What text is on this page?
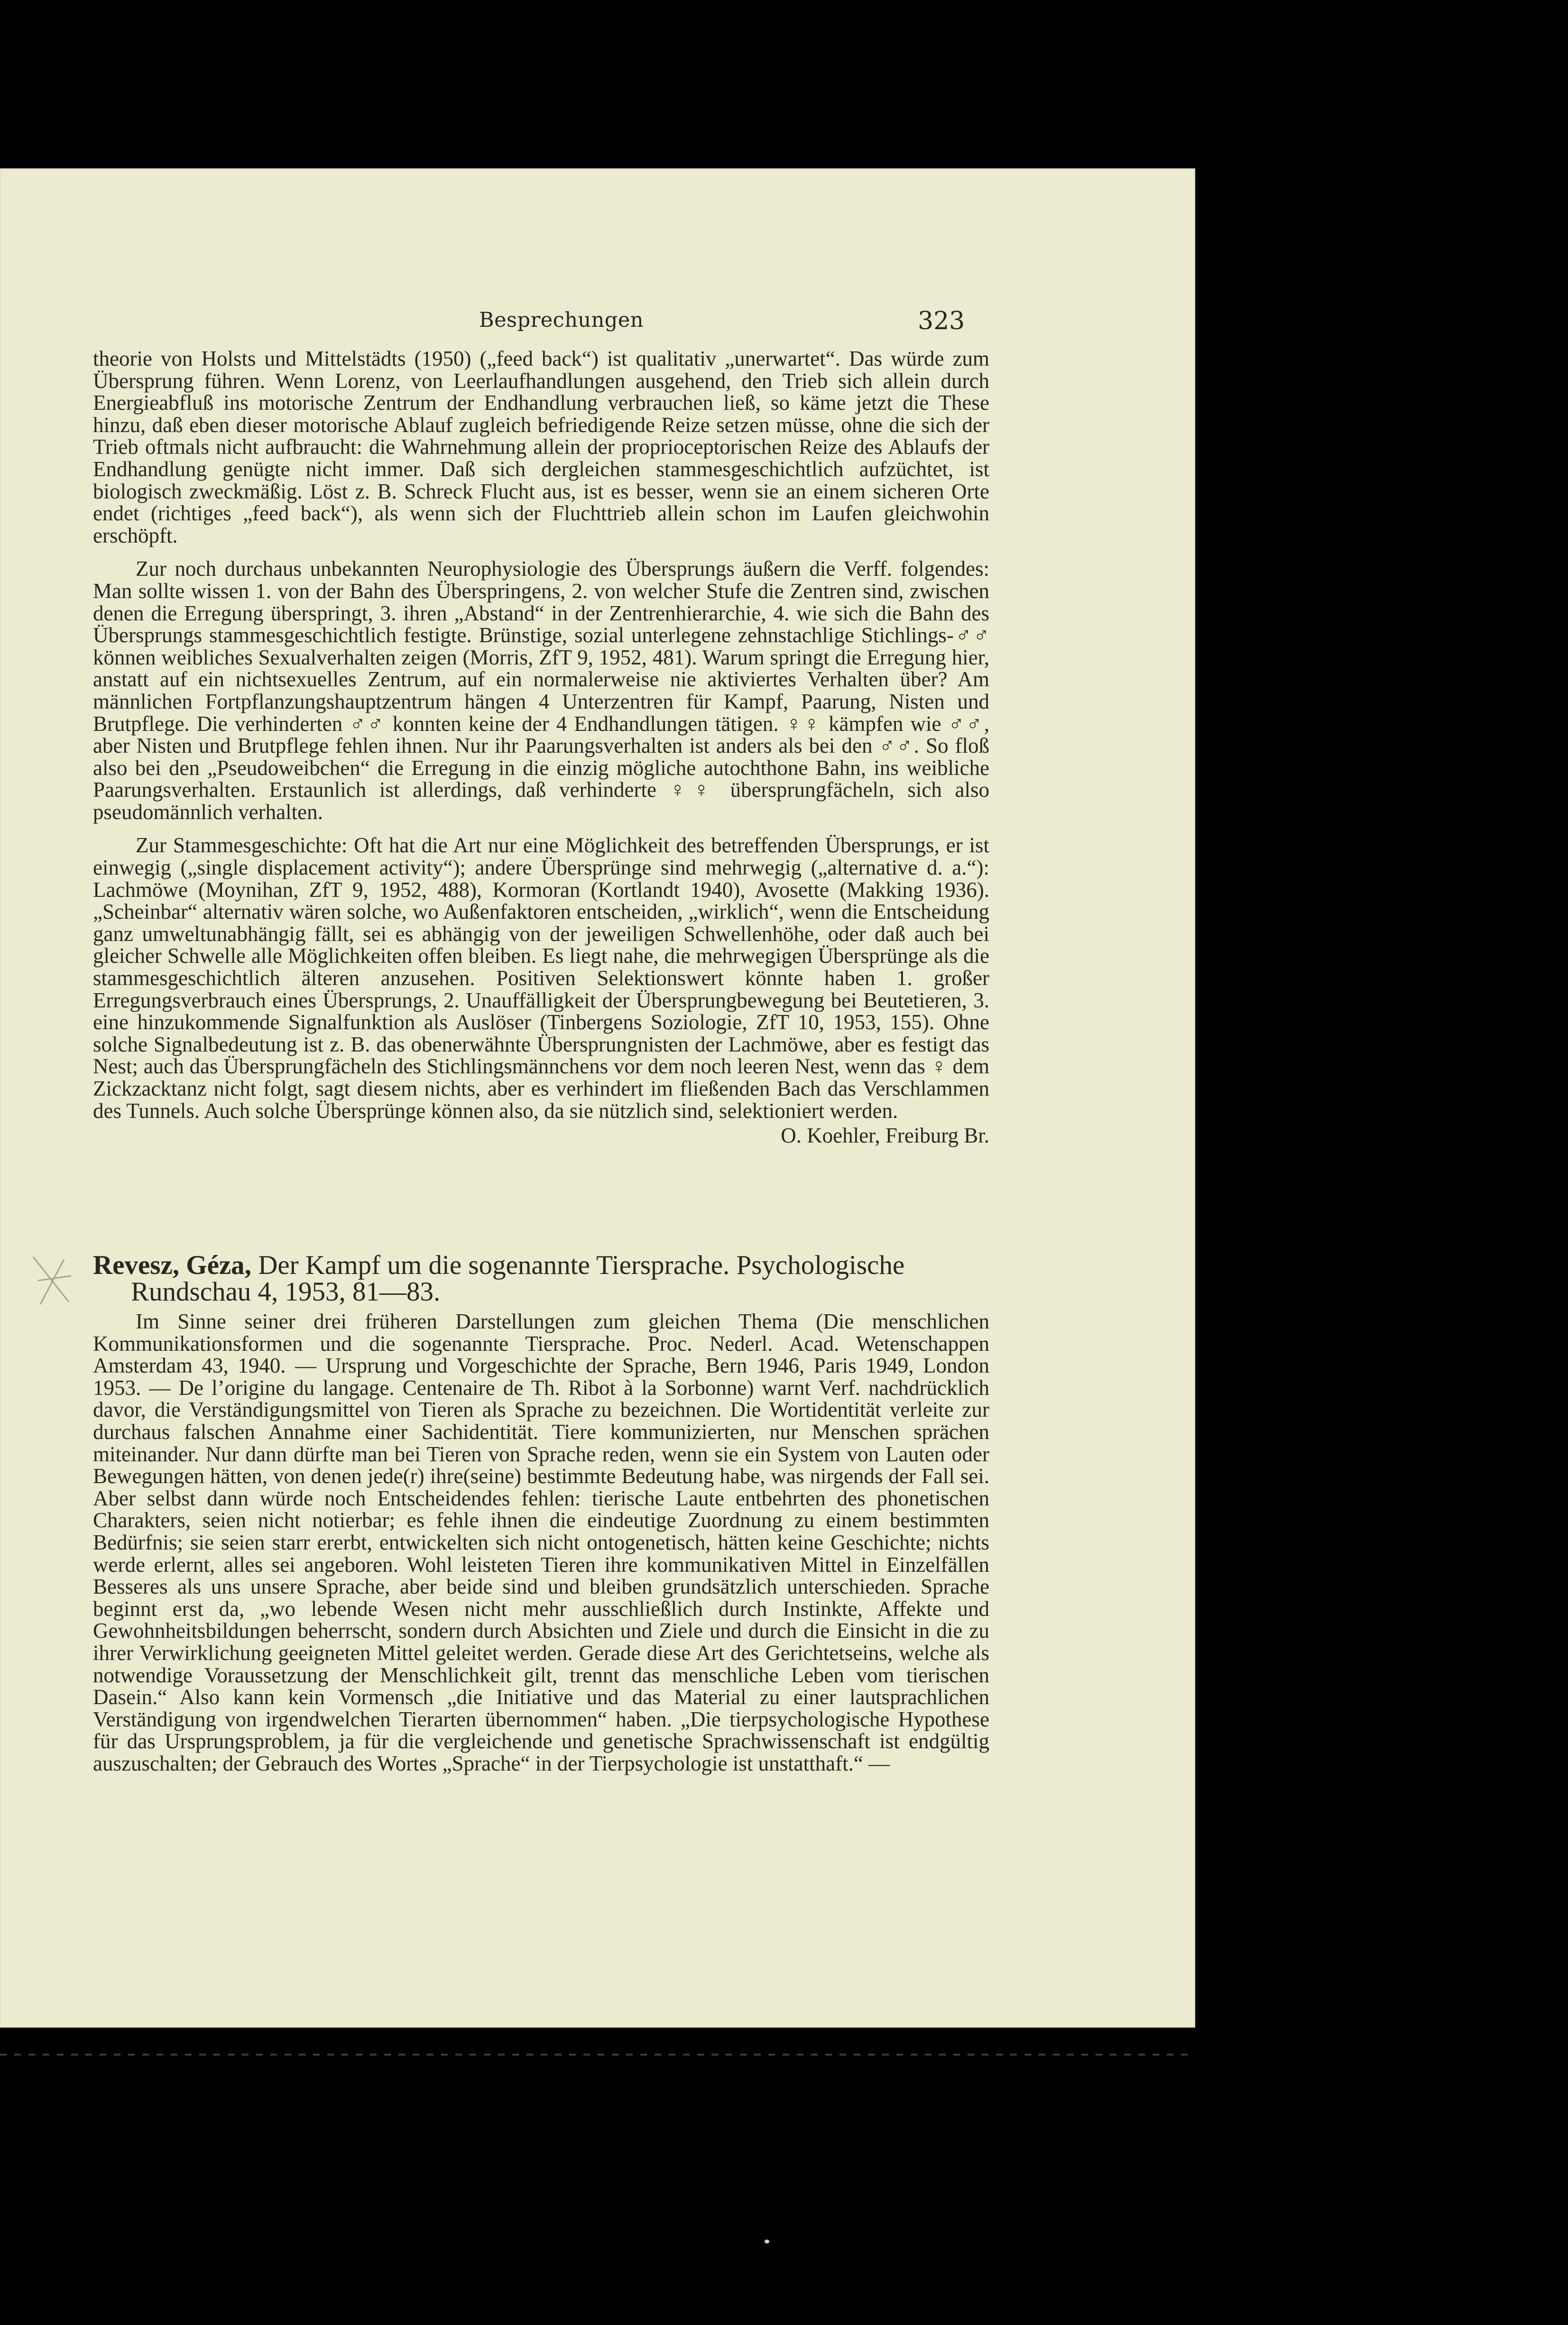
Besprechungen	323

theorie von Holsts und Mittelstädts (1950) („feed back“) ist qualitativ „unerwartet“. Das würde zum Übersprung führen. Wenn Lorenz, von Leerlaufhandlungen ausgehend, den Trieb sich allein durch Energieabfluß ins motorische Zentrum der Endhandlung verbrauchen ließ, so käme jetzt die These hinzu, daß eben dieser motorische Ablauf zugleich befriedigende Reize setzen müsse, ohne die sich der Trieb oftmals nicht aufbraucht: die Wahrnehmung allein der proprioceptorischen Reize des Ablaufs der Endhandlung genügte nicht immer. Daß sich dergleichen stammesgeschichtlich aufzüchtet, ist biologisch zweckmäßig. Löst z. B. Schreck Flucht aus, ist es besser, wenn sie an einem sicheren Orte endet (richtiges „feed back“), als wenn sich der Fluchttrieb allein schon im Laufen gleichwohin erschöpft.

Zur noch durchaus unbekannten Neurophysiologie des Übersprungs äußern die Verff. folgendes: Man sollte wissen 1. von der Bahn des Überspringens, 2. von welcher Stufe die Zentren sind, zwischen denen die Erregung überspringt, 3. ihren „Abstand“ in der Zentrenhierarchie, 4. wie sich die Bahn des Übersprungs stammesgeschichtlich festigte. Brünstige, sozial unterlegene zehnstachlige Stichlings-♂♂ können weibliches Sexualverhalten zeigen (Morris, ZfT 9, 1952, 481). Warum springt die Erregung hier, anstatt auf ein nichtsexuelles Zentrum, auf ein normalerweise nie aktiviertes Verhalten über? Am männlichen Fortpflanzungshauptzentrum hängen 4 Unterzentren für Kampf, Paarung, Nisten und Brutpflege. Die verhinderten ♂♂ konnten keine der 4 Endhandlungen tätigen. ♀♀ kämpfen wie ♂♂, aber Nisten und Brutpflege fehlen ihnen. Nur ihr Paarungsverhalten ist anders als bei den ♂♂. So floß also bei den „Pseudoweibchen“ die Erregung in die einzig mögliche autochthone Bahn, ins weibliche Paarungsverhalten. Erstaunlich ist allerdings, daß verhinderte ♀♀ übersprungfächeln, sich also pseudomännlich verhalten.

Zur Stammesgeschichte: Oft hat die Art nur eine Möglichkeit des betreffenden Übersprungs, er ist einwegig („single displacement activity“); andere Übersprünge sind mehrwegig („alternative d. a.“): Lachmöwe (Moynihan, ZfT 9, 1952, 488), Kormoran (Kortlandt 1940), Avosette (Makking 1936). „Scheinbar“ alternativ wären solche, wo Außenfaktoren entscheiden, „wirklich“, wenn die Entscheidung ganz umweltunabhängig fällt, sei es abhängig von der jeweiligen Schwellenhöhe, oder daß auch bei gleicher Schwelle alle Möglichkeiten offen bleiben. Es liegt nahe, die mehrwegigen Übersprünge als die stammesgeschichtlich älteren anzusehen. Positiven Selektionswert könnte haben 1. großer Erregungsverbrauch eines Übersprungs, 2. Unauffälligkeit der Übersprungbewegung bei Beutetieren, 3. eine hinzukommende Signalfunktion als Auslöser (Tinbergens Soziologie, ZfT 10, 1953, 155). Ohne solche Signalbedeutung ist z. B. das obenerwähnte Übersprungnisten der Lachmöwe, aber es festigt das Nest; auch das Übersprungfächeln des Stichlingsmännchens vor dem noch leeren Nest, wenn das ♀ dem Zickzacktanz nicht folgt, sagt diesem nichts, aber es verhindert im fließenden Bach das Verschlammen des Tunnels. Auch solche Übersprünge können also, da sie nützlich sind, selektioniert werden.

O. Koehler, Freiburg Br.

Revesz, Géza, Der Kampf um die sogenannte Tiersprache. Psychologische
Rundschau 4, 1953, 81—83.

Im Sinne seiner drei früheren Darstellungen zum gleichen Thema (Die menschlichen Kommunikationsformen und die sogenannte Tiersprache. Proc. Nederl. Acad. Wetenschappen Amsterdam 43, 1940. — Ursprung und Vorgeschichte der Sprache, Bern 1946, Paris 1949, London 1953. — De l’origine du langage. Centenaire de Th. Ribot à la Sorbonne) warnt Verf. nachdrücklich davor, die Verständigungsmittel von Tieren als Sprache zu bezeichnen. Die Wortidentität verleite zur durchaus falschen Annahme einer Sachidentität. Tiere kommunizierten, nur Menschen sprächen miteinander. Nur dann dürfte man bei Tieren von Sprache reden, wenn sie ein System von Lauten oder Bewegungen hätten, von denen jede(r) ihre(seine) bestimmte Bedeutung habe, was nirgends der Fall sei. Aber selbst dann würde noch Entscheidendes fehlen: tierische Laute entbehrten des phonetischen Charakters, seien nicht notierbar; es fehle ihnen die eindeutige Zuordnung zu einem bestimmten Bedürfnis; sie seien starr ererbt, entwickelten sich nicht ontogenetisch, hätten keine Geschichte; nichts werde erlernt, alles sei angeboren. Wohl leisteten Tieren ihre kommunikativen Mittel in Einzelfällen Besseres als uns unsere Sprache, aber beide sind und bleiben grundsätzlich unterschieden. Sprache beginnt erst da, „wo lebende Wesen nicht mehr ausschließlich durch Instinkte, Affekte und Gewohnheitsbildungen beherrscht, sondern durch Absichten und Ziele und durch die Einsicht in die zu ihrer Verwirklichung geeigneten Mittel geleitet werden. Gerade diese Art des Gerichtetseins, welche als notwendige Voraussetzung der Menschlichkeit gilt, trennt das menschliche Leben vom tierischen Dasein.“ Also kann kein Vormensch „die Initiative und das Material zu einer lautsprachlichen Verständigung von irgendwelchen Tierarten übernommen“ haben. „Die tierpsychologische Hypothese für das Ursprungsproblem, ja für die vergleichende und genetische Sprachwissenschaft ist endgültig auszuschalten; der Gebrauch des Wortes „Sprache“ in der Tierpsychologie ist unstatthaft.“ —
